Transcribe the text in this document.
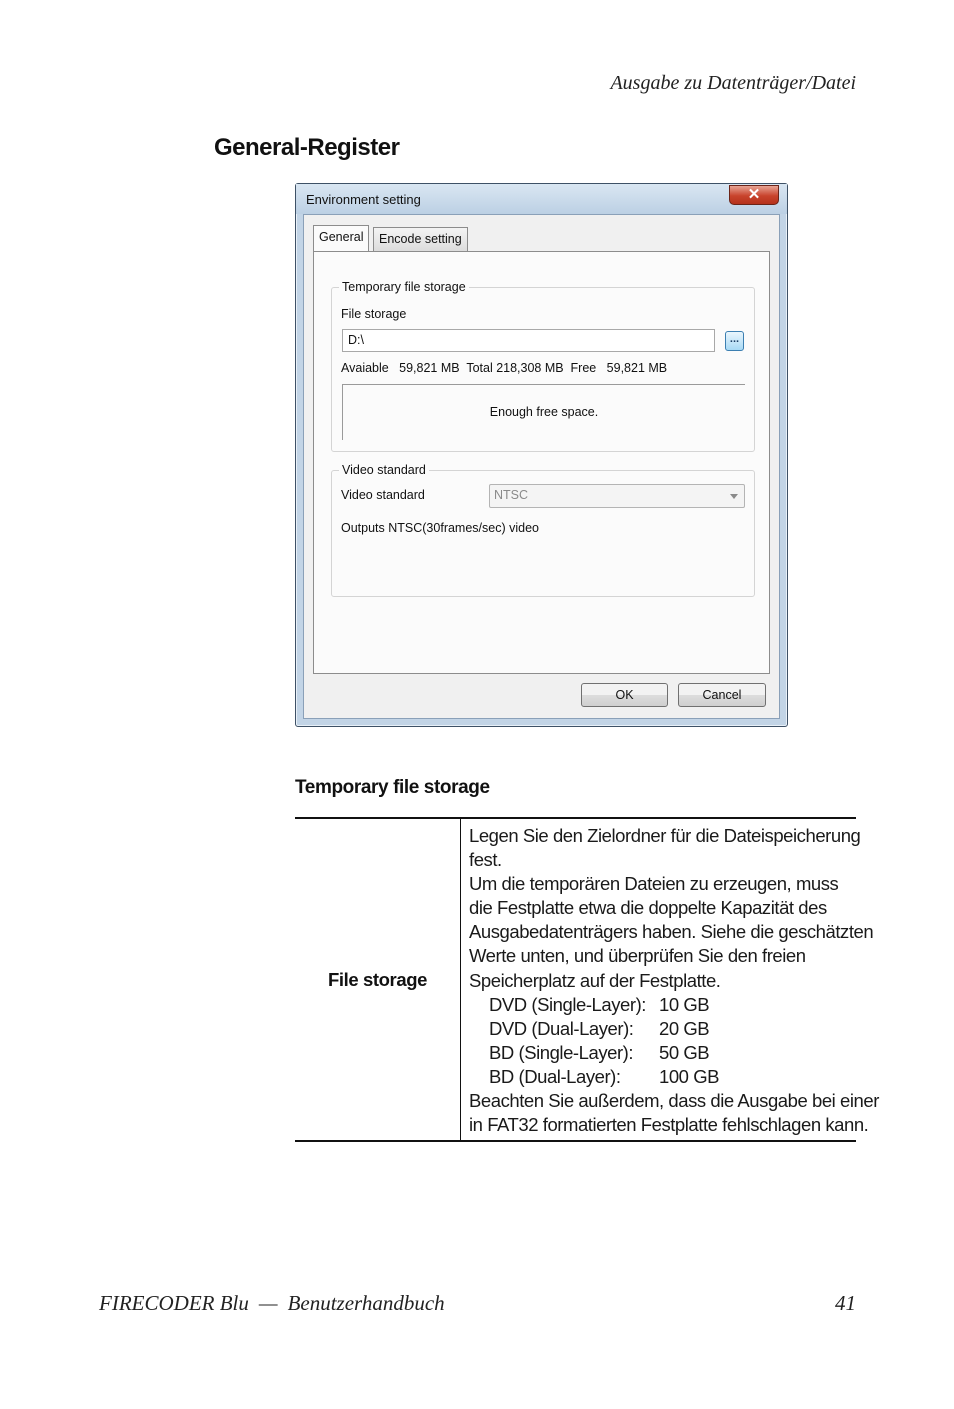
Ausgabe zu Datenträger/Datei
General-Register
Environment setting	✕
General	Encode setting
Temporary file storage
File storage
D:\	...
Avaiable   59,821 MB  Total 218,308 MB  Free   59,821 MB
Enough free space.
Video standard
Video standard	NTSC
Outputs NTSC(30frames/sec) video
OK	Cancel
Temporary file storage
File storage
Legen Sie den Zielordner für die Dateispeicherung
fest.
Um die temporären Dateien zu erzeugen, muss
die Festplatte etwa die doppelte Kapazität des
Ausgabedatenträgers haben. Siehe die geschätzten
Werte unten, und überprüfen Sie den freien
Speicherplatz auf der Festplatte.
DVD (Single-Layer): 10 GB
DVD (Dual-Layer): 20 GB
BD (Single-Layer): 50 GB
BD (Dual-Layer): 100 GB
Beachten Sie außerdem, dass die Ausgabe bei einer
in FAT32 formatierten Festplatte fehlschlagen kann.
FIRECODER Blu — Benutzerhandbuch	41
